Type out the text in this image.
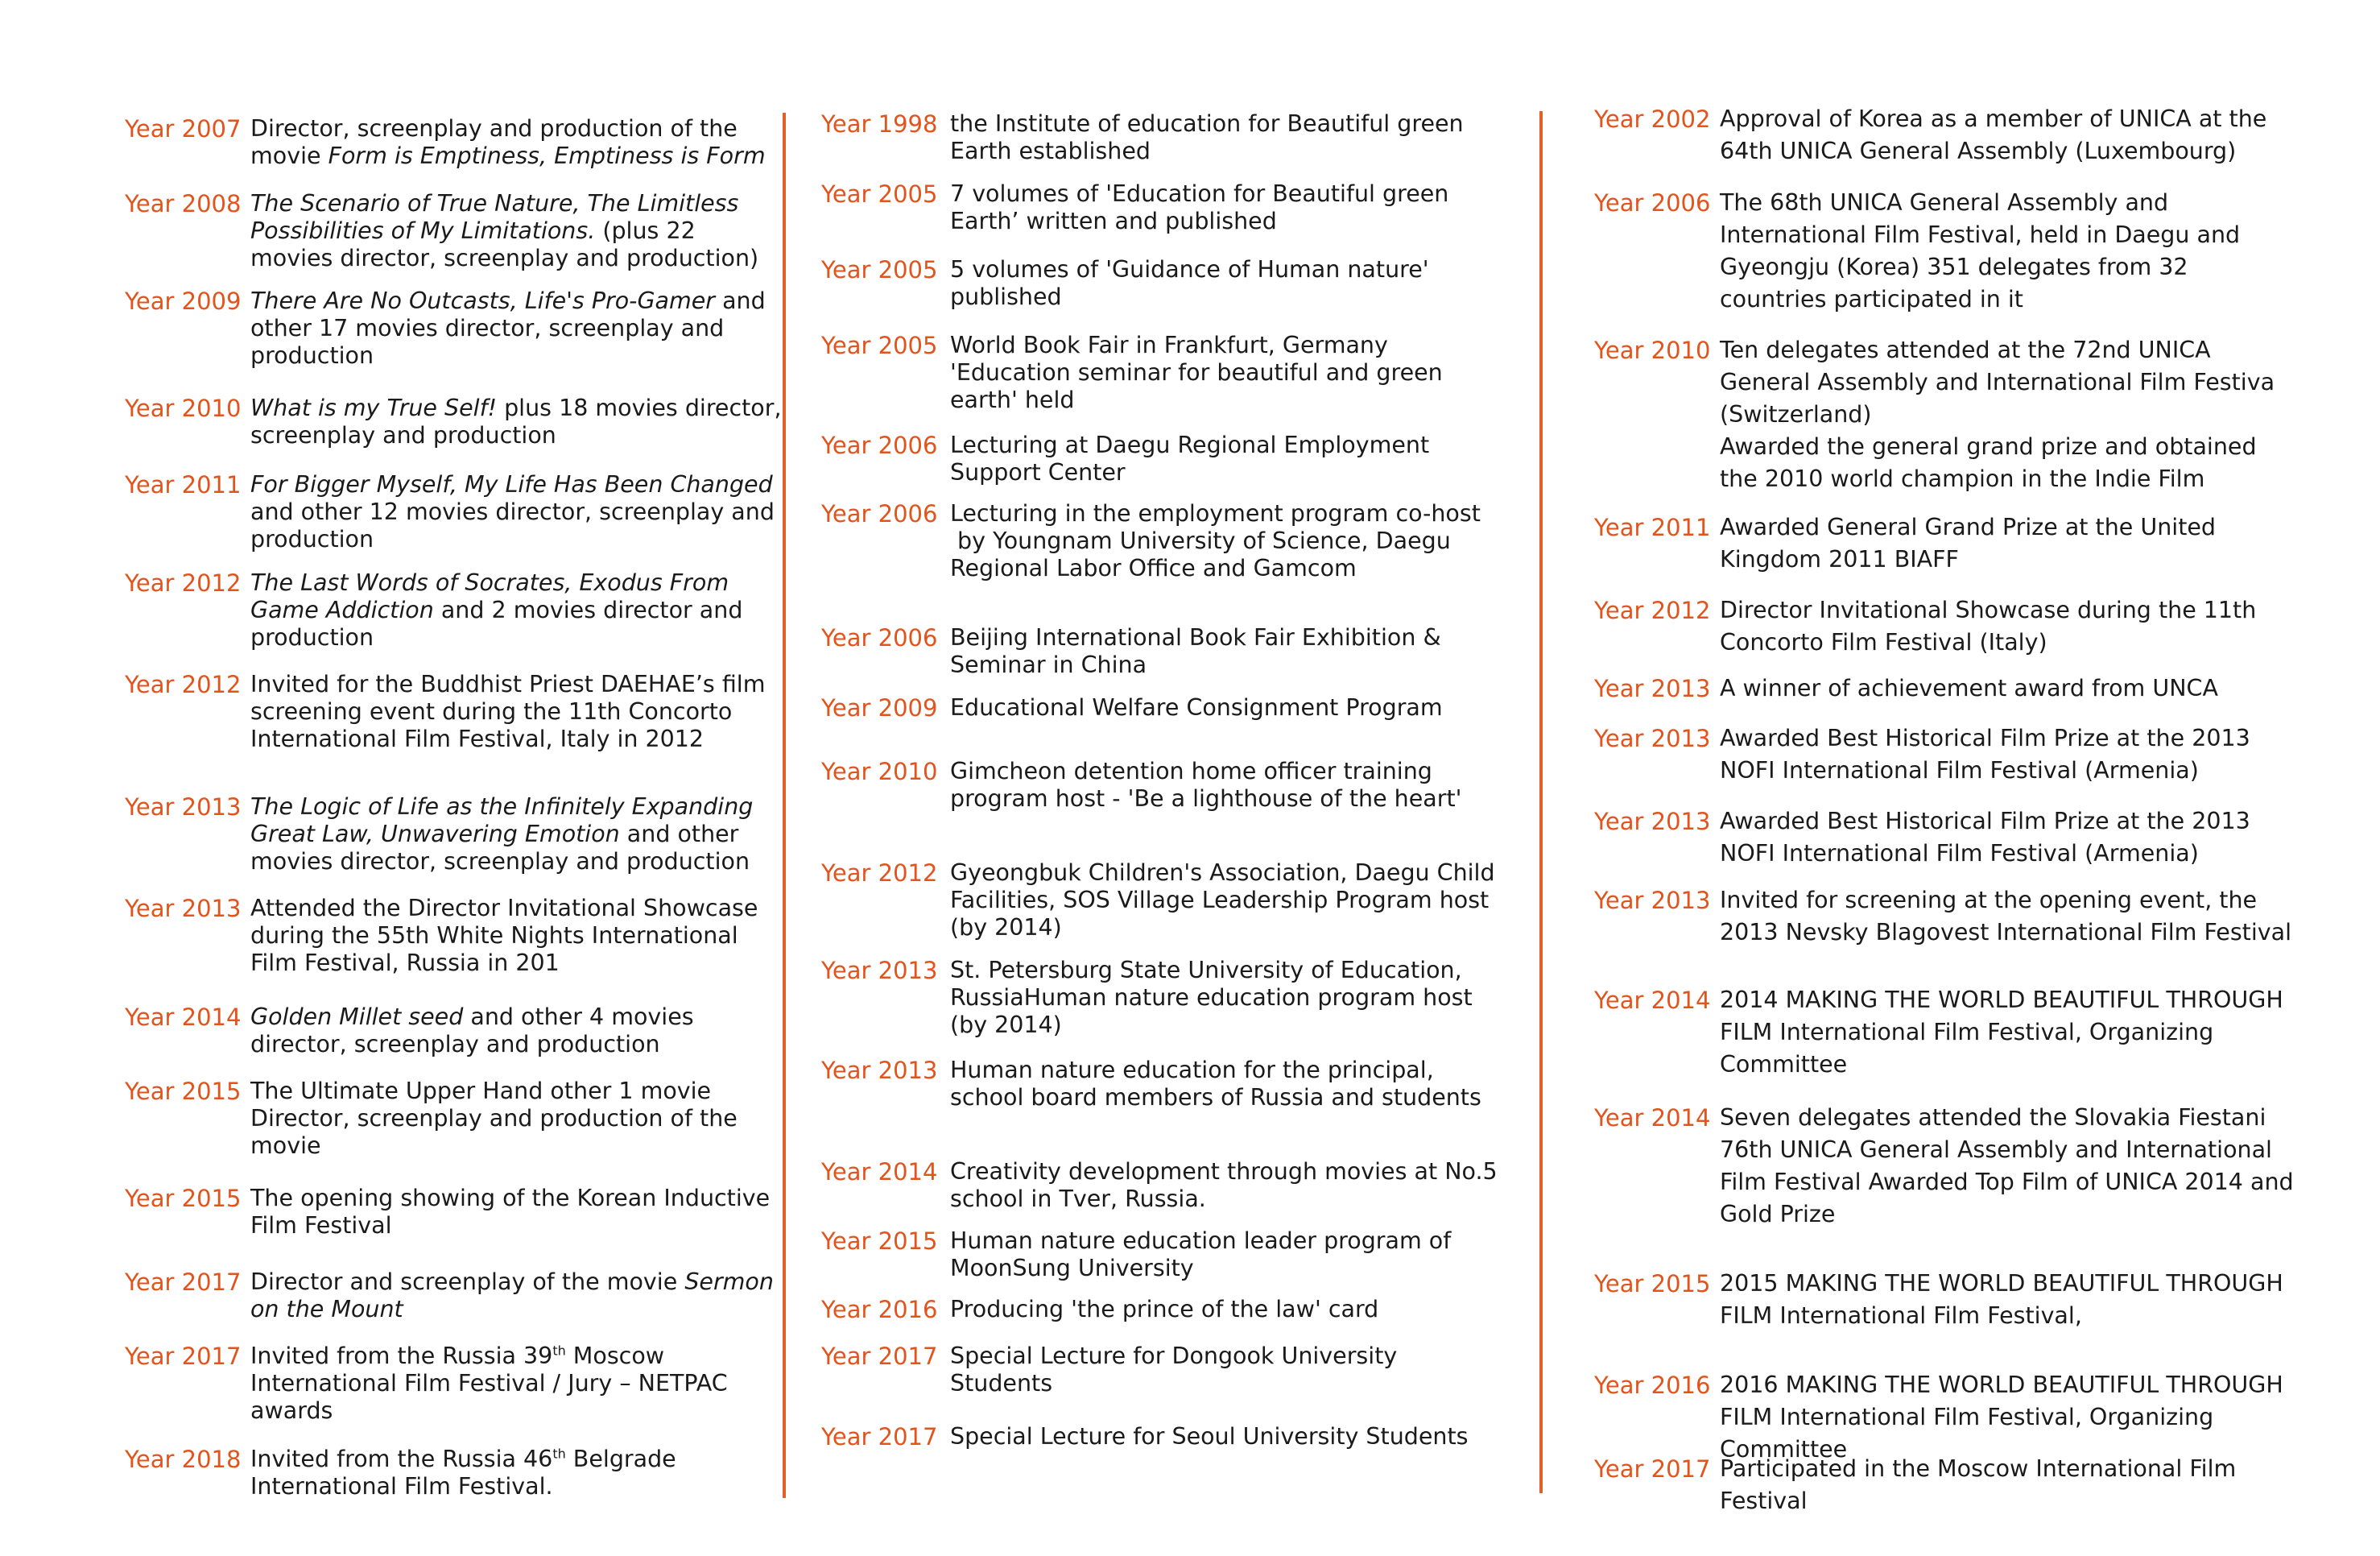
Year 2007 Director, screenplay and production of the movie Form is Emptiness, Emptiness is Form
Year 2008 The Scenario of True Nature, The Limitless Possibilities of My Limitations. (plus 22 movies director, screenplay and production)
Year 2009 There Are No Outcasts, Life's Pro-Gamer and other 17 movies director, screenplay and production
Year 2010 What is my True Self! plus 18 movies director, screenplay and production
Year 2011 For Bigger Myself, My Life Has Been Changed and other 12 movies director, screenplay and production
Year 2012 The Last Words of Socrates, Exodus From Game Addiction and 2 movies director and production
Year 2012 Invited for the Buddhist Priest DAEHAE’s film screening event during the 11th Concorto International Film Festival, Italy in 2012
Year 2013 The Logic of Life as the Infinitely Expanding Great Law, Unwavering Emotion and other movies director, screenplay and production
Year 2013 Attended the Director Invitational Showcase during the 55th White Nights International Film Festival, Russia in 201
Year 2014 Golden Millet seed and other 4 movies director, screenplay and production
Year 2015 The Ultimate Upper Hand other 1 movie Director, screenplay and production of the movie
Year 2015 The opening showing of the Korean Inductive Film Festival
Year 2017 Director and screenplay of the movie Sermon on the Mount
Year 2017 Invited from the Russia 39th Moscow International Film Festival / Jury – NETPAC awards
Year 2018 Invited from the Russia 46th Belgrade International Film Festival.
Year 1998 the Institute of education for Beautiful green Earth established
Year 2005 7 volumes of 'Education for Beautiful green Earth’ written and published
Year 2005 5 volumes of 'Guidance of Human nature' published
Year 2005 World Book Fair in Frankfurt, Germany 'Education seminar for beautiful and green earth' held
Year 2006 Lecturing at Daegu Regional Employment Support Center
Year 2006 Lecturing in the employment program co-host  by Youngnam University of Science, Daegu Regional Labor Office and Gamcom
Year 2006 Beijing International Book Fair Exhibition & Seminar in China
Year 2009 Educational Welfare Consignment Program
Year 2010 Gimcheon detention home officer training program host - 'Be a lighthouse of the heart'
Year 2012 Gyeongbuk Children's Association, Daegu Child Facilities, SOS Village Leadership Program host (by 2014)
Year 2013 St. Petersburg State University of Education, RussiaHuman nature education program host (by 2014)
Year 2013 Human nature education for the principal, school board members of Russia and students
Year 2014 Creativity development through movies at No.5 school in Tver, Russia.
Year 2015 Human nature education leader program of MoonSung University
Year 2016 Producing 'the prince of the law' card
Year 2017 Special Lecture for Dongook University Students
Year 2017 Special Lecture for Seoul University Students
Year 2002 Approval of Korea as a member of UNICA at the 64th UNICA General Assembly (Luxembourg)
Year 2006 The 68th UNICA General Assembly and International Film Festival, held in Daegu and Gyeongju (Korea) 351 delegates from 32 countries participated in it
Year 2010 Ten delegates attended at the 72nd UNICA General Assembly and International Film Festiva (Switzerland)
Awarded the general grand prize and obtained the 2010 world champion in the Indie Film
Year 2011 Awarded General Grand Prize at the United Kingdom 2011 BIAFF
Year 2012 Director Invitational Showcase during the 11th Concorto Film Festival (Italy)
Year 2013 A winner of achievement award from UNCA
Year 2013 Awarded Best Historical Film Prize at the 2013 NOFI International Film Festival (Armenia)
Year 2013 Awarded Best Historical Film Prize at the 2013 NOFI International Film Festival (Armenia)
Year 2013 Invited for screening at the opening event, the 2013 Nevsky Blagovest International Film Festival
Year 2014 2014 MAKING THE WORLD BEAUTIFUL THROUGH FILM International Film Festival, Organizing Committee
Year 2014 Seven delegates attended the Slovakia Fiestani 76th UNICA General Assembly and International Film Festival Awarded Top Film of UNICA 2014 and Gold Prize
Year 2015 2015 MAKING THE WORLD BEAUTIFUL THROUGH FILM International Film Festival,
Year 2016 2016 MAKING THE WORLD BEAUTIFUL THROUGH FILM International Film Festival, Organizing Committee
Year 2017 Participated in the Moscow International Film Festival
